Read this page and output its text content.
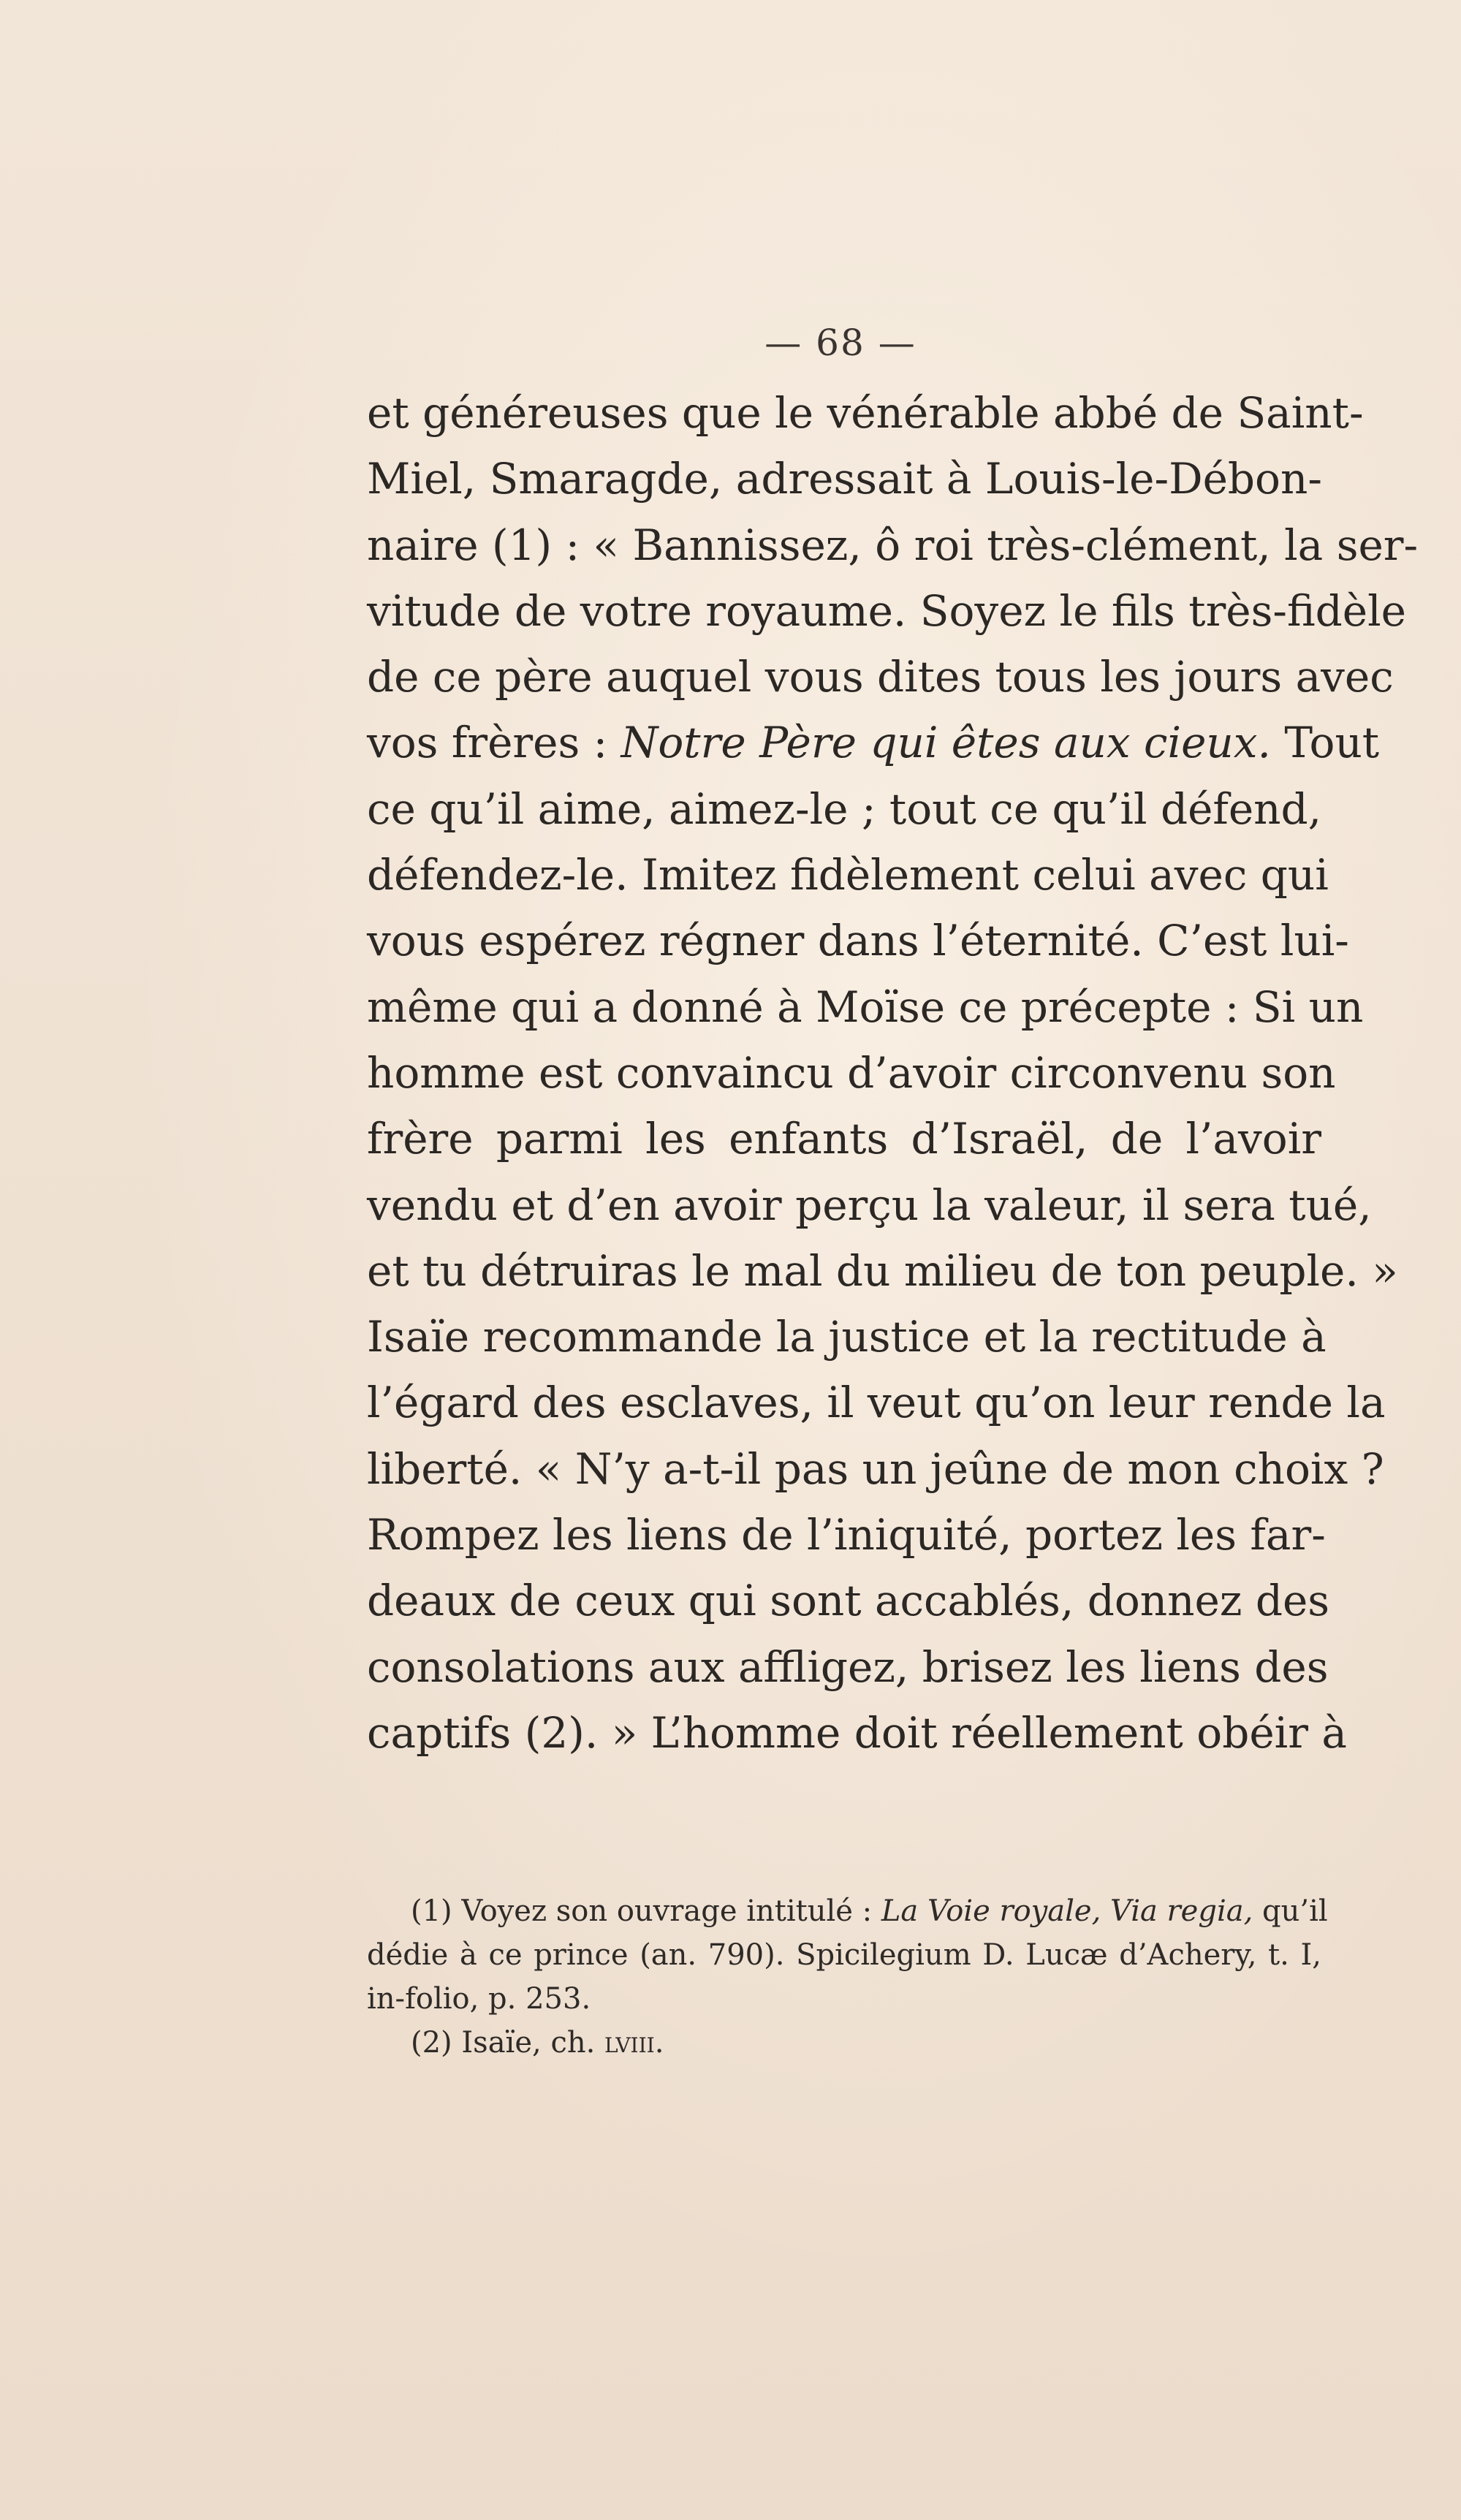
— 68 —
et généreuses que le vénérable abbé de Saint-
Miel, Smaragde, adressait à Louis-le-Débon-
naire (1) : « Bannissez, ô roi très-clément, la ser-
vitude de votre royaume. Soyez le fils très-fidèle
de ce père auquel vous dites tous les jours avec
vos frères : Notre Père qui êtes aux cieux. Tout
ce qu’il aime, aimez-le ; tout ce qu’il défend,
défendez-le. Imitez fidèlement celui avec qui
vous espérez régner dans l’éternité. C’est lui-
même qui a donné à Moïse ce précepte : Si un
homme est convaincu d’avoir circonvenu son
frère parmi les enfants d’Israël, de l’avoir
vendu et d’en avoir perçu la valeur, il sera tué,
et tu détruiras le mal du milieu de ton peuple. »
Isaïe recommande la justice et la rectitude à
l’égard des esclaves, il veut qu’on leur rende la
liberté. « N’y a-t-il pas un jeûne de mon choix ?
Rompez les liens de l’iniquité, portez les far-
deaux de ceux qui sont accablés, donnez des
consolations aux affligez, brisez les liens des
captifs (2). » L’homme doit réellement obéir à
(1) Voyez son ouvrage intitulé : La Voie royale, Via regia, qu’il
dédie à ce prince (an. 790). Spicilegium D. Lucæ d’Achery, t. I,
in-folio, p. 253.
(2) Isaïe, ch. lviii.
